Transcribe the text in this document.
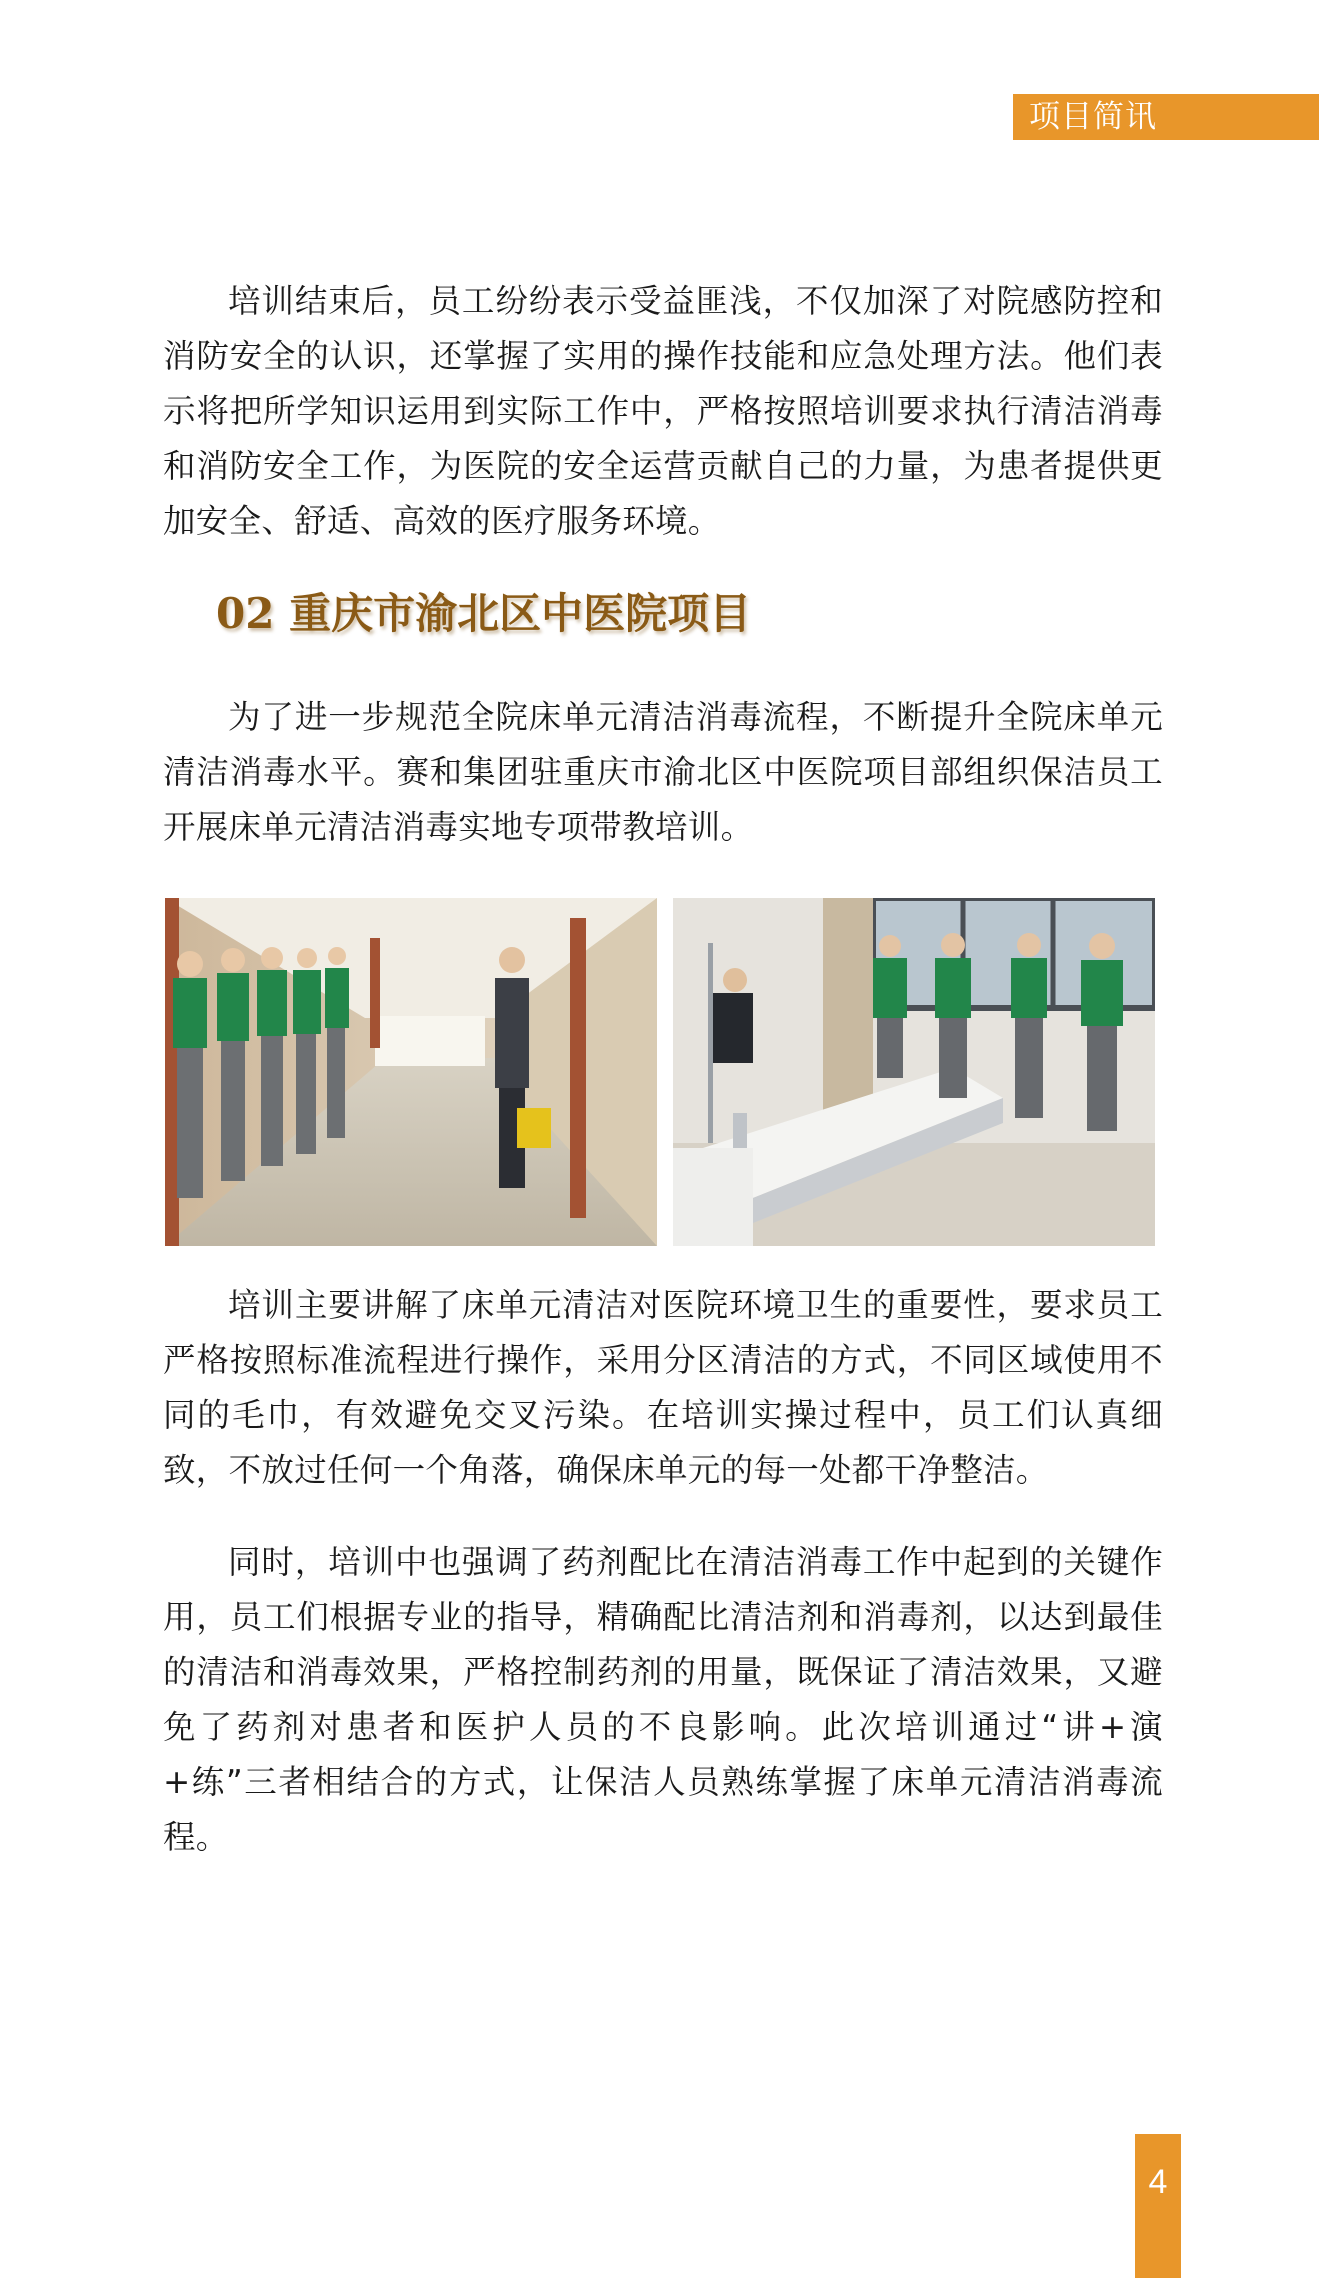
项目简讯

培训结束后，员工纷纷表示受益匪浅，不仅加深了对院感防控和消防安全的认识，还掌握了实用的操作技能和应急处理方法。他们表示将把所学知识运用到实际工作中，严格按照培训要求执行清洁消毒和消防安全工作，为医院的安全运营贡献自己的力量，为患者提供更加安全、舒适、高效的医疗服务环境。

02 重庆市渝北区中医院项目

为了进一步规范全院床单元清洁消毒流程，不断提升全院床单元清洁消毒水平。赛和集团驻重庆市渝北区中医院项目部组织保洁员工开展床单元清洁消毒实地专项带教培训。

培训主要讲解了床单元清洁对医院环境卫生的重要性，要求员工严格按照标准流程进行操作，采用分区清洁的方式，不同区域使用不同的毛巾，有效避免交叉污染。在培训实操过程中，员工们认真细致，不放过任何一个角落，确保床单元的每一处都干净整洁。

同时，培训中也强调了药剂配比在清洁消毒工作中起到的关键作用，员工们根据专业的指导，精确配比清洁剂和消毒剂，以达到最佳的清洁和消毒效果，严格控制药剂的用量，既保证了清洁效果，又避免了药剂对患者和医护人员的不良影响。此次培训通过“讲+演+练”三者相结合的方式，让保洁人员熟练掌握了床单元清洁消毒流程。

4
